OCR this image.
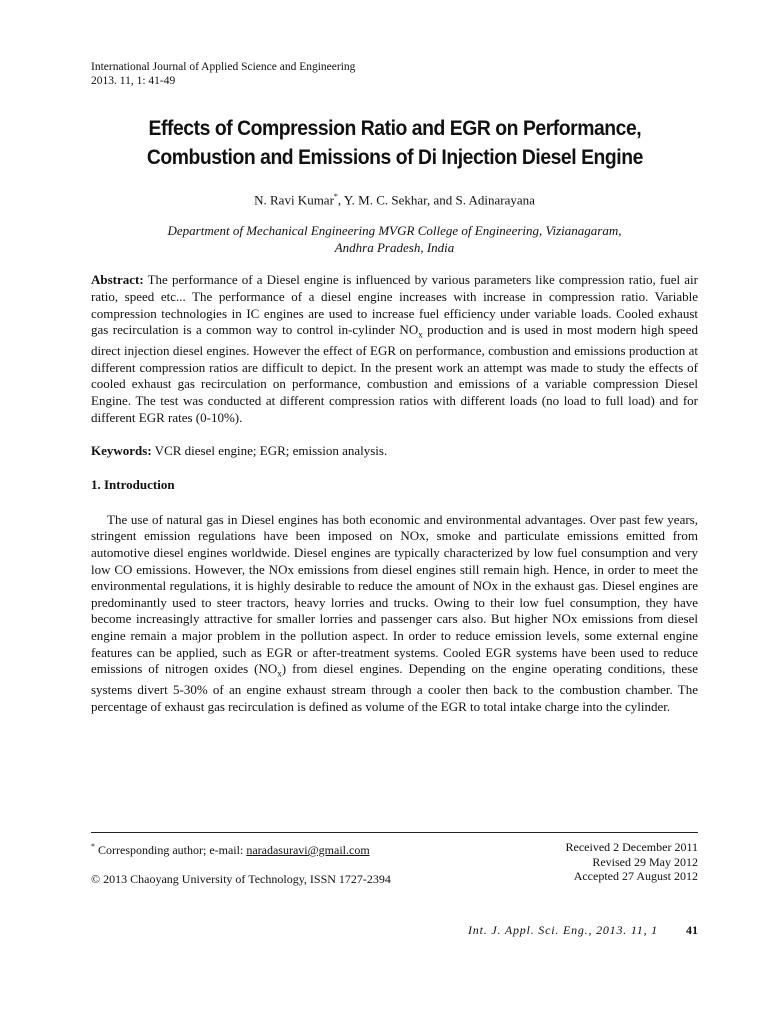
International Journal of Applied Science and Engineering
2013. 11, 1: 41-49
Effects of Compression Ratio and EGR on Performance,
Combustion and Emissions of Di Injection Diesel Engine
N. Ravi Kumar*, Y. M. C. Sekhar, and S. Adinarayana
Department of Mechanical Engineering MVGR College of Engineering, Vizianagaram,
Andhra Pradesh, India

Abstract: The performance of a Diesel engine is influenced by various parameters like compression ratio, fuel air ratio, speed etc... The performance of a diesel engine increases with increase in compression ratio. Variable compression technologies in IC engines are used to increase fuel efficiency under variable loads. Cooled exhaust gas recirculation is a common way to control in-cylinder $NO_x$ production and is used in most modern high speed direct injection diesel engines. However the effect of EGR on performance, combustion and emissions production at different compression ratios are difficult to depict. In the present work an attempt was made to study the effects of cooled exhaust gas recirculation on performance, combustion and emissions of a variable compression Diesel Engine. The test was conducted at different compression ratios with different loads (no load to full load) and for different EGR rates (0-10%).

Keywords: VCR diesel engine; EGR; emission analysis.

1. Introduction

The use of natural gas in Diesel engines has both economic and environmental advantages. Over past few years, stringent emission regulations have been imposed on NOx, smoke and particulate emissions emitted from automotive diesel engines worldwide. Diesel engines are typically characterized by low fuel consumption and very low CO emissions. However, the NOx emissions from diesel engines still remain high. Hence, in order to meet the environmental regulations, it is highly desirable to reduce the amount of NOx in the exhaust gas. Diesel engines are predominantly used to steer tractors, heavy lorries and trucks. Owing to their low fuel consumption, they have become increasingly attractive for smaller lorries and passenger cars also. But higher NOx emissions from diesel engine remain a major problem in the pollution aspect. In order to reduce emission levels, some external engine features can be applied, such as EGR or after-treatment systems. Cooled EGR systems have been used to reduce emissions of nitrogen oxides $(NO_x)$ from diesel engines. Depending on the engine operating conditions, these systems divert 5-30% of an engine exhaust stream through a cooler then back to the combustion chamber. The percentage of exhaust gas recirculation is defined as volume of the EGR to total intake charge into the cylinder.

* Corresponding author; e-mail: naradasuravi@gmail.com
© 2013 Chaoyang University of Technology, ISSN 1727-2394
Received 2 December 2011
Revised 29 May 2012
Accepted 27 August 2012
Int. J. Appl. Sci. Eng., 2013. 11, 1 41
